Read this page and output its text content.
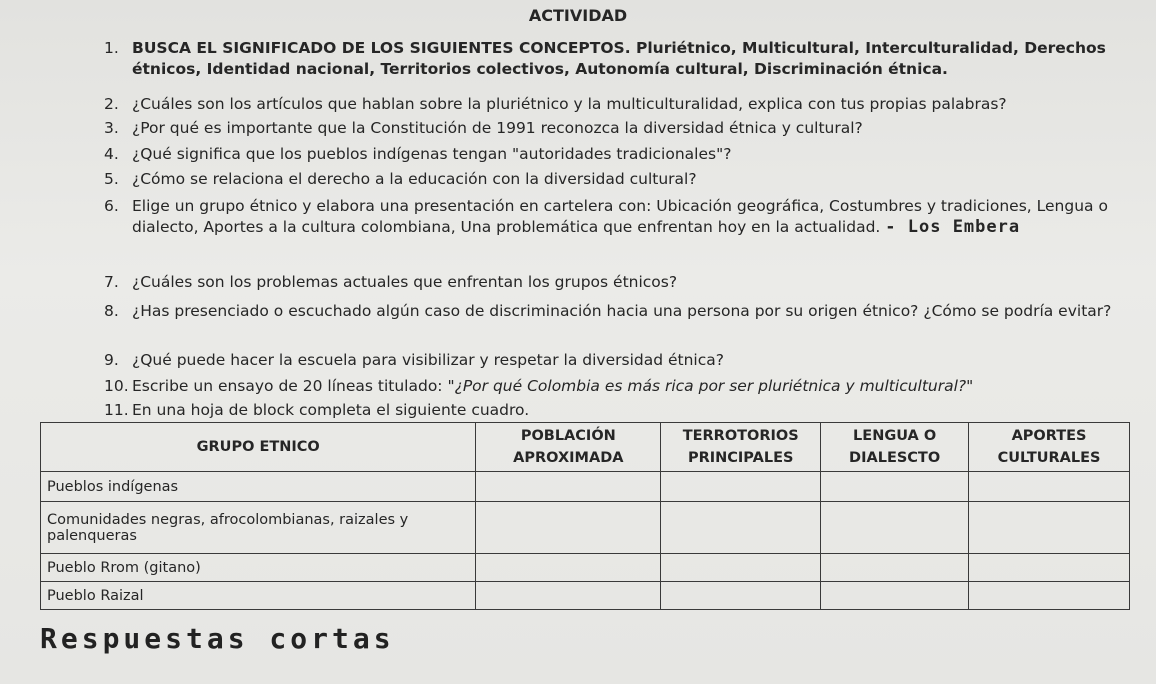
ACTIVIDAD
1. BUSCA EL SIGNIFICADO DE LOS SIGUIENTES CONCEPTOS. Pluriétnico, Multicultural, Interculturalidad, Derechos étnicos, Identidad nacional, Territorios colectivos, Autonomía cultural, Discriminación étnica.
2. ¿Cuáles son los artículos que hablan sobre la pluriétnico y la multiculturalidad, explica con tus propias palabras?
3. ¿Por qué es importante que la Constitución de 1991 reconozca la diversidad étnica y cultural?
4. ¿Qué significa que los pueblos indígenas tengan "autoridades tradicionales"?
5. ¿Cómo se relaciona el derecho a la educación con la diversidad cultural?
6. Elige un grupo étnico y elabora una presentación en cartelera con: Ubicación geográfica, Costumbres y tradiciones, Lengua o dialecto, Aportes a la cultura colombiana, Una problemática que enfrentan hoy en la actualidad. - Los Embera
7. ¿Cuáles son los problemas actuales que enfrentan los grupos étnicos?
8. ¿Has presenciado o escuchado algún caso de discriminación hacia una persona por su origen étnico? ¿Cómo se podría evitar?
9. ¿Qué puede hacer la escuela para visibilizar y respetar la diversidad étnica?
10. Escribe un ensayo de 20 líneas titulado: "¿Por qué Colombia es más rica por ser pluriétnica y multicultural?"
11. En una hoja de block completa el siguiente cuadro.
GRUPO ETNICO	POBLACIÓN APROXIMADA	TERROTORIOS PRINCIPALES	LENGUA O DIALESCTO	APORTES CULTURALES
Pueblos indígenas				
Comunidades negras, afrocolombianas, raizales y palenqueras				
Pueblo Rrom (gitano)				
Pueblo Raizal				
Respuestas cortas
